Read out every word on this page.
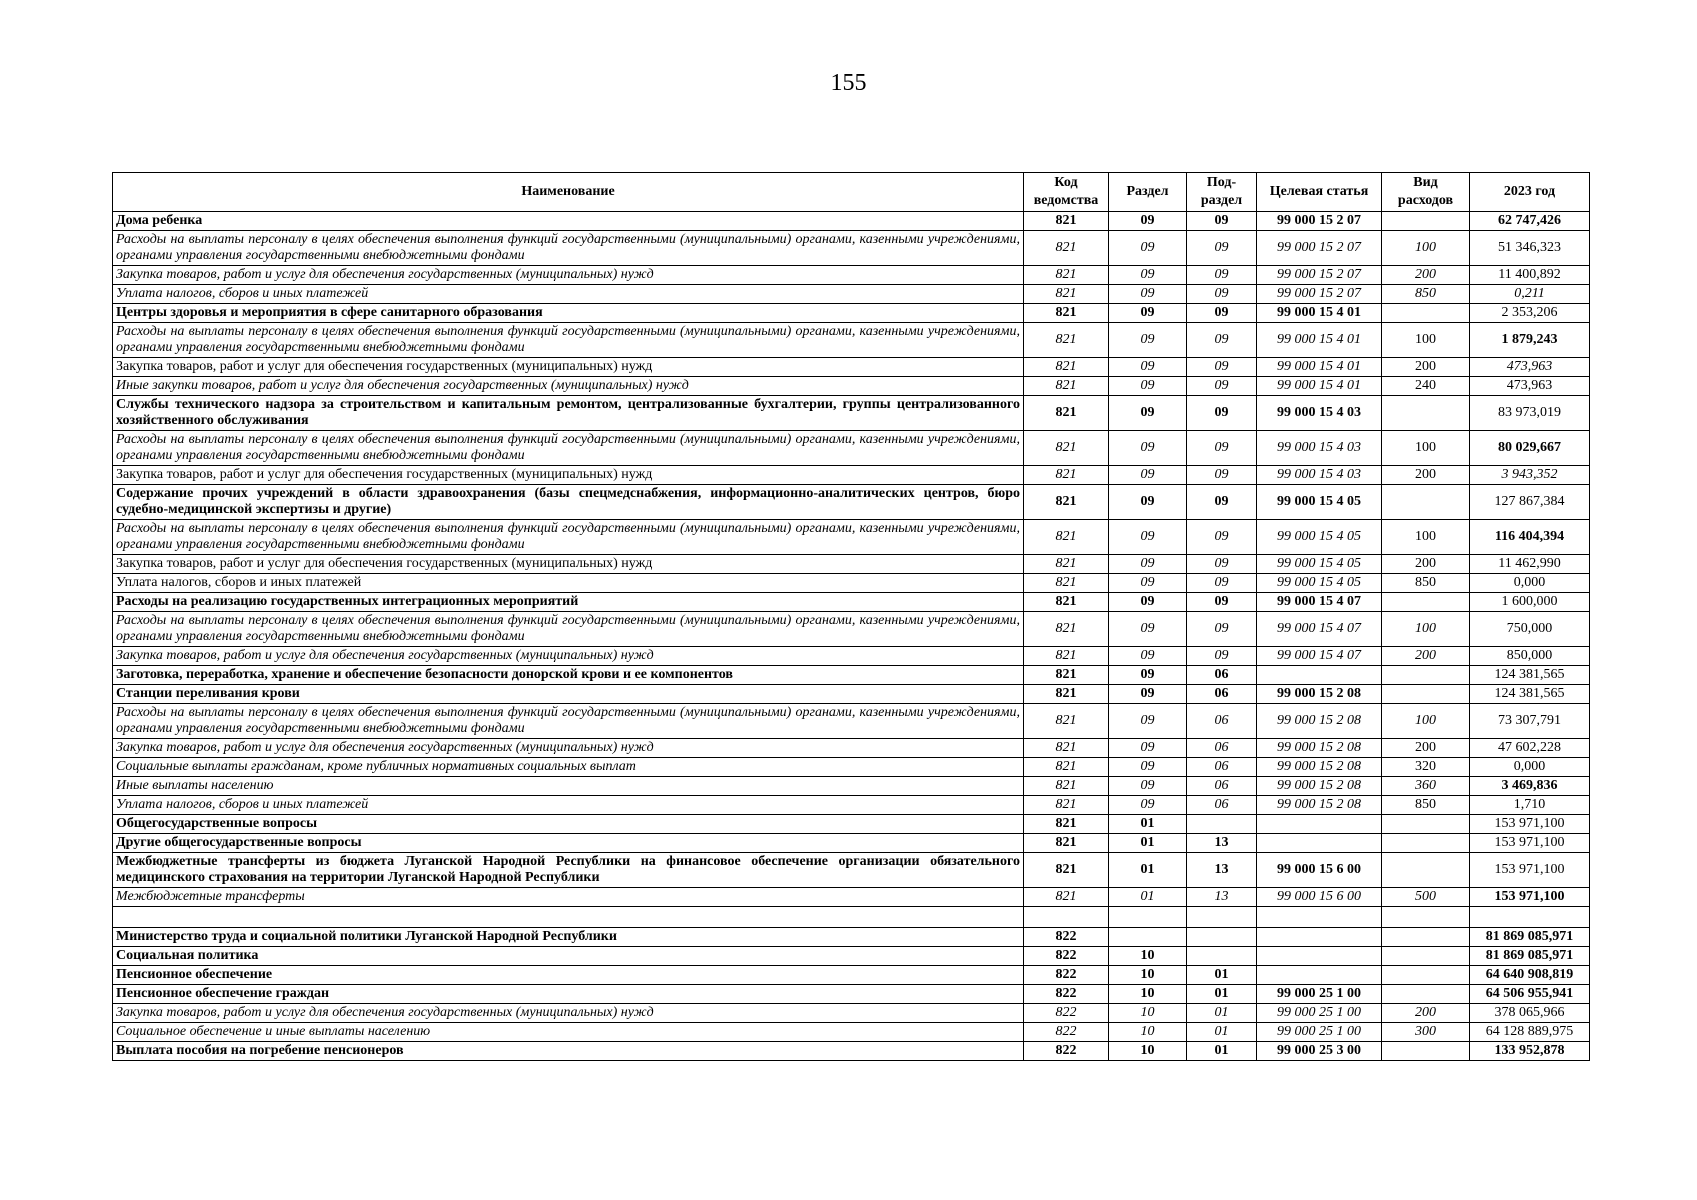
155
Наименование	Код ведомства	Раздел	Под-раздел	Целевая статья	Вид расходов	2023 год
Дома ребенка	821	09	09	99 000 15 2 07		62 747,426
Расходы на выплаты персоналу в целях обеспечения выполнения функций государственными (муниципальными) органами, казенными учреждениями, органами управления государственными внебюджетными фондами	821	09	09	99 000 15 2 07	100	51 346,323
Закупка товаров, работ и услуг для обеспечения государственных (муниципальных) нужд	821	09	09	99 000 15 2 07	200	11 400,892
Уплата налогов, сборов и иных платежей	821	09	09	99 000 15 2 07	850	0,211
Центры здоровья и мероприятия в сфере санитарного образования	821	09	09	99 000 15 4 01		2 353,206
Расходы на выплаты персоналу в целях обеспечения выполнения функций государственными (муниципальными) органами, казенными учреждениями, органами управления государственными внебюджетными фондами	821	09	09	99 000 15 4 01	100	1 879,243
Закупка товаров, работ и услуг для обеспечения государственных (муниципальных) нужд	821	09	09	99 000 15 4 01	200	473,963
Иные закупки товаров, работ и услуг для обеспечения государственных (муниципальных) нужд	821	09	09	99 000 15 4 01	240	473,963
Службы технического надзора за строительством и капитальным ремонтом, централизованные бухгалтерии, группы централизованного хозяйственного обслуживания	821	09	09	99 000 15 4 03		83 973,019
Расходы на выплаты персоналу в целях обеспечения выполнения функций государственными (муниципальными) органами, казенными учреждениями, органами управления государственными внебюджетными фондами	821	09	09	99 000 15 4 03	100	80 029,667
Закупка товаров, работ и услуг для обеспечения государственных (муниципальных) нужд	821	09	09	99 000 15 4 03	200	3 943,352
Содержание прочих учреждений в области здравоохранения (базы спецмедснабжения, информационно-аналитических центров, бюро судебно-медицинской экспертизы и другие)	821	09	09	99 000 15 4 05		127 867,384
Расходы на выплаты персоналу в целях обеспечения выполнения функций государственными (муниципальными) органами, казенными учреждениями, органами управления государственными внебюджетными фондами	821	09	09	99 000 15 4 05	100	116 404,394
Закупка товаров, работ и услуг для обеспечения государственных (муниципальных) нужд	821	09	09	99 000 15 4 05	200	11 462,990
Уплата налогов, сборов и иных платежей	821	09	09	99 000 15 4 05	850	0,000
Расходы на реализацию государственных интеграционных мероприятий	821	09	09	99 000 15 4 07		1 600,000
Расходы на выплаты персоналу в целях обеспечения выполнения функций государственными (муниципальными) органами, казенными учреждениями, органами управления государственными внебюджетными фондами	821	09	09	99 000 15 4 07	100	750,000
Закупка товаров, работ и услуг для обеспечения государственных (муниципальных) нужд	821	09	09	99 000 15 4 07	200	850,000
Заготовка, переработка, хранение и обеспечение безопасности донорской крови и ее компонентов	821	09	06			124 381,565
Станции переливания крови	821	09	06	99 000 15 2 08		124 381,565
Расходы на выплаты персоналу в целях обеспечения выполнения функций государственными (муниципальными) органами, казенными учреждениями, органами управления государственными внебюджетными фондами	821	09	06	99 000 15 2 08	100	73 307,791
Закупка товаров, работ и услуг для обеспечения государственных (муниципальных) нужд	821	09	06	99 000 15 2 08	200	47 602,228
Социальные выплаты гражданам, кроме публичных нормативных социальных выплат	821	09	06	99 000 15 2 08	320	0,000
Иные выплаты населению	821	09	06	99 000 15 2 08	360	3 469,836
Уплата налогов, сборов и иных платежей	821	09	06	99 000 15 2 08	850	1,710
Общегосударственные вопросы	821	01				153 971,100
Другие общегосударственные вопросы	821	01	13			153 971,100
Межбюджетные трансферты из бюджета Луганской Народной Республики на финансовое обеспечение организации обязательного медицинского страхования на территории Луганской Народной Республики	821	01	13	99 000 15 6 00		153 971,100
Межбюджетные трансферты	821	01	13	99 000 15 6 00	500	153 971,100

Министерство труда и социальной политики Луганской Народной Республики	822					81 869 085,971
Социальная политика	822	10				81 869 085,971
Пенсионное обеспечение	822	10	01			64 640 908,819
Пенсионное обеспечение граждан	822	10	01	99 000 25 1 00		64 506 955,941
Закупка товаров, работ и услуг для обеспечения государственных (муниципальных) нужд	822	10	01	99 000 25 1 00	200	378 065,966
Социальное обеспечение и иные выплаты населению	822	10	01	99 000 25 1 00	300	64 128 889,975
Выплата пособия на погребение пенсионеров	822	10	01	99 000 25 3 00		133 952,878
